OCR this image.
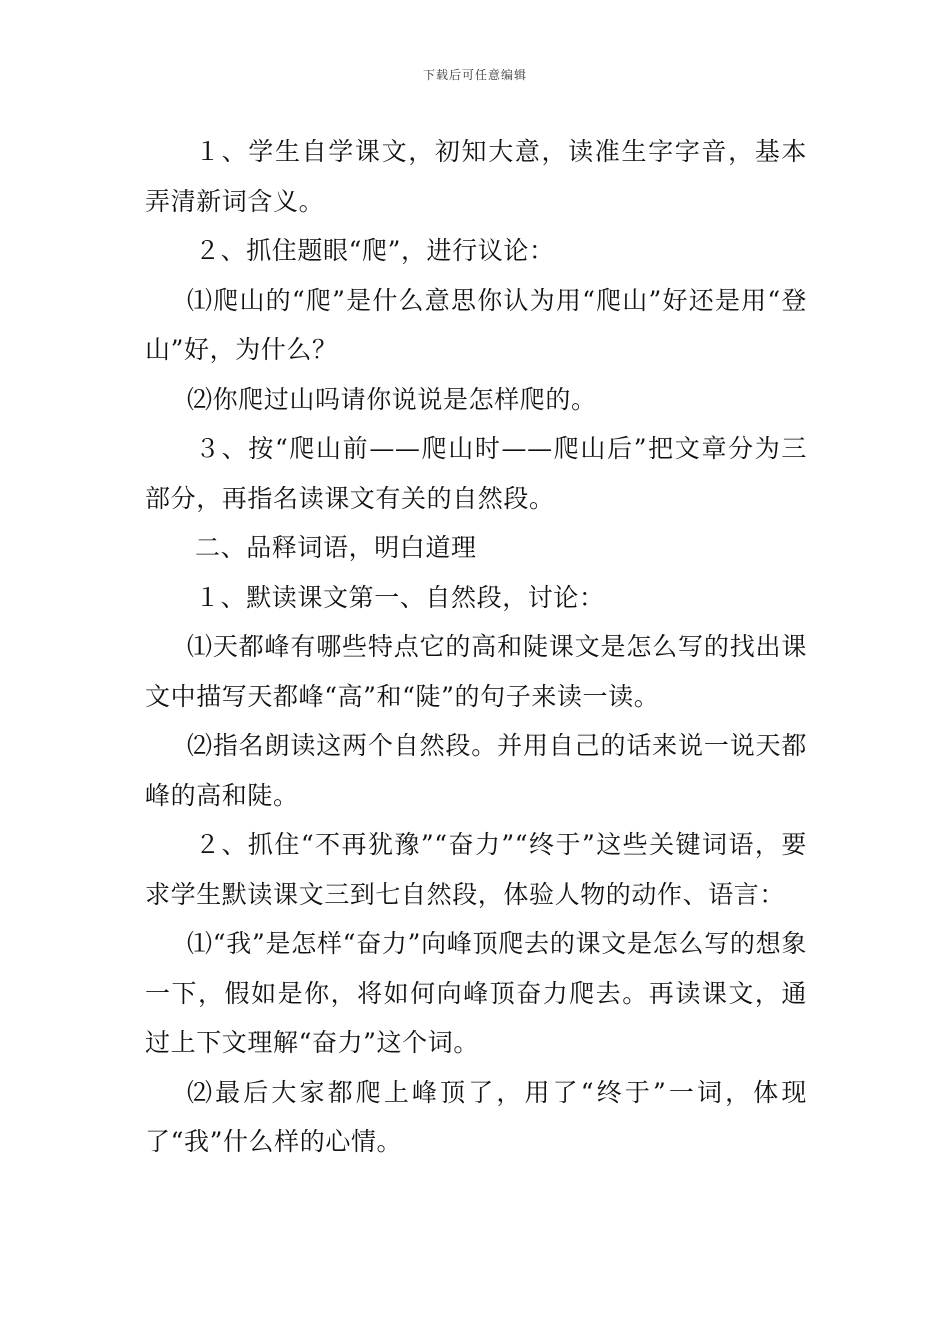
下载后可任意编辑

１、学生自学课文，初知大意，读准生字字音，基本弄清新词含义。

２、抓住题眼“爬”，进行议论：

⑴爬山的“爬”是什么意思你认为用“爬山”好还是用“登山”好，为什么？

⑵你爬过山吗请你说说是怎样爬的。

３、按“爬山前——爬山时——爬山后”把文章分为三部分，再指名读课文有关的自然段。

二、品释词语，明白道理

１、默读课文第一、自然段，讨论：

⑴天都峰有哪些特点它的高和陡课文是怎么写的找出课文中描写天都峰“高”和“陡”的句子来读一读。

⑵指名朗读这两个自然段。并用自己的话来说一说天都峰的高和陡。

２、抓住“不再犹豫”“奋力”“终于”这些关键词语，要求学生默读课文三到七自然段，体验人物的动作、语言：

⑴“我”是怎样“奋力”向峰顶爬去的课文是怎么写的想象一下，假如是你，将如何向峰顶奋力爬去。再读课文，通过上下文理解“奋力”这个词。

⑵最后大家都爬上峰顶了，用了“终于”一词，体现了“我”什么样的心情。
